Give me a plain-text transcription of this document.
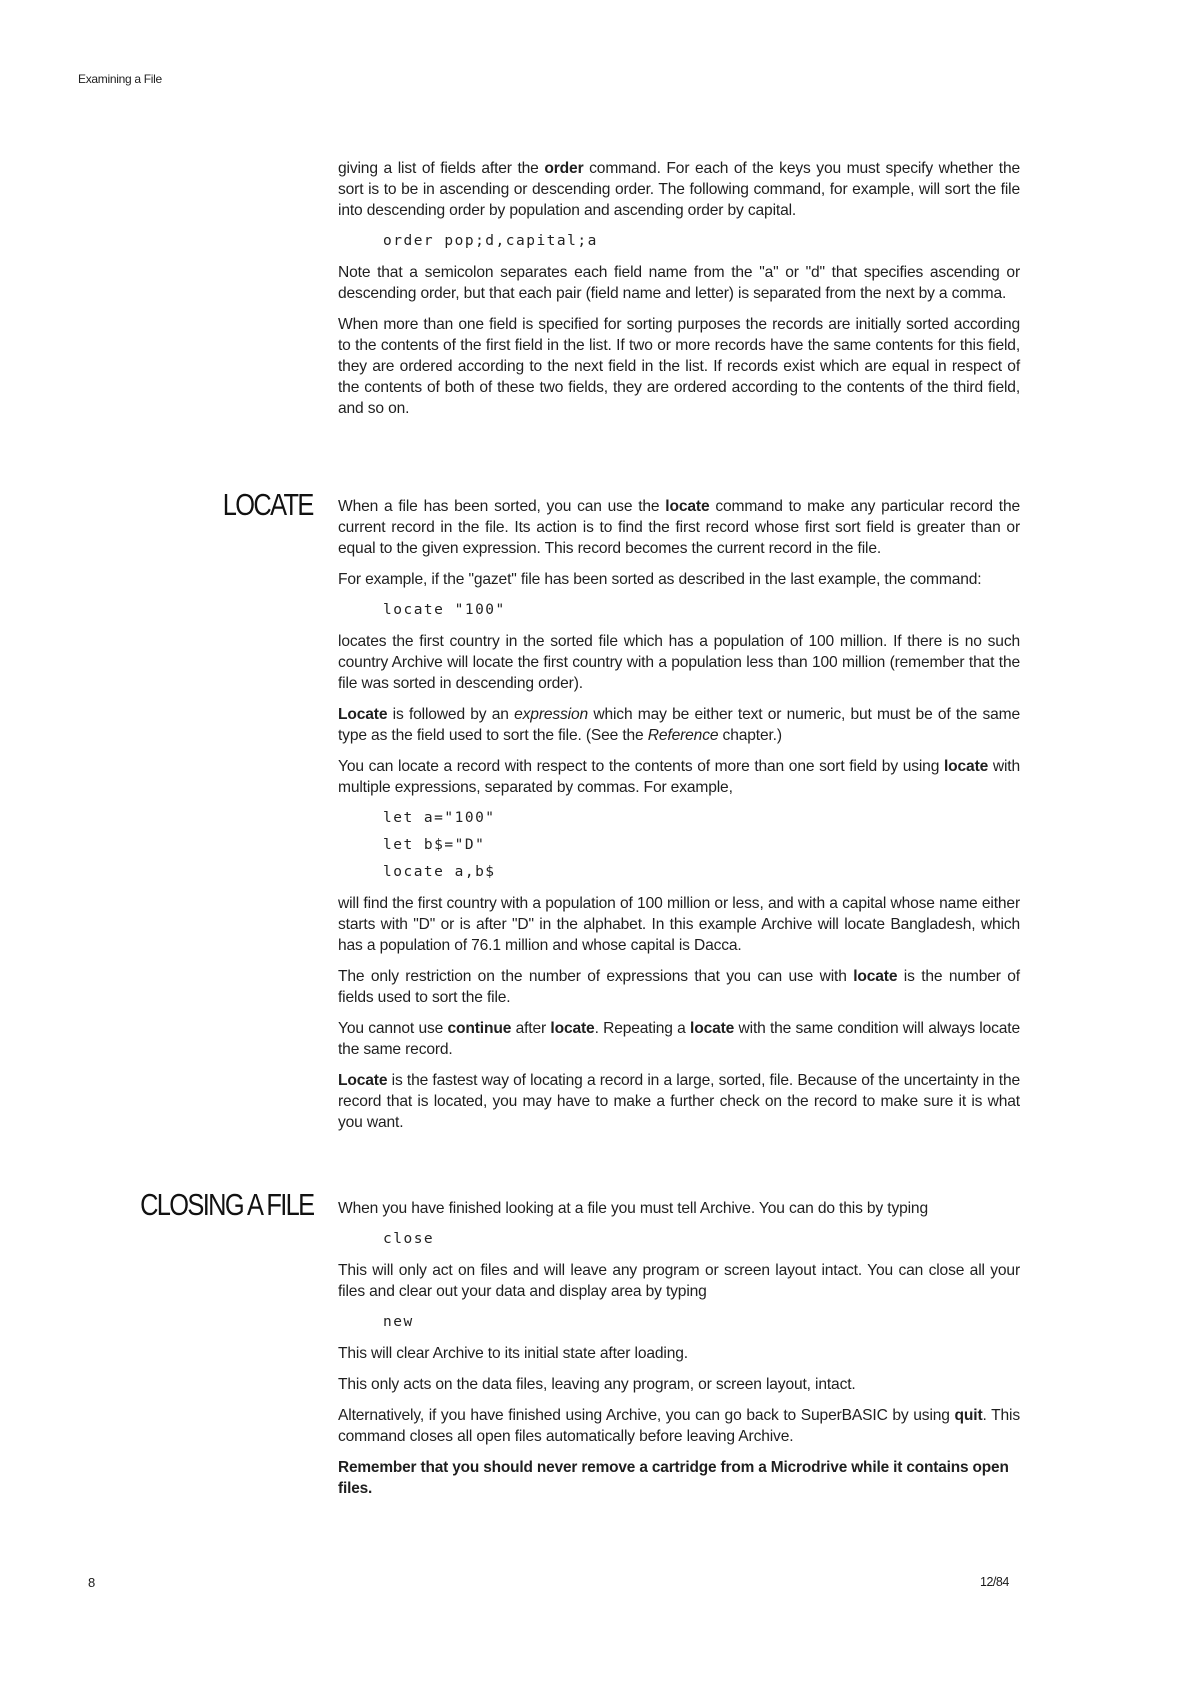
Examining a File

giving a list of fields after the order command. For each of the keys you must specify whether the sort is to be in ascending or descending order. The following command, for example, will sort the file into descending order by population and ascending order by capital.

order pop;d,capital;a

Note that a semicolon separates each field name from the "a" or "d" that specifies ascending or descending order, but that each pair (field name and letter) is separated from the next by a comma.

When more than one field is specified for sorting purposes the records are initially sorted according to the contents of the first field in the list. If two or more records have the same contents for this field, they are ordered according to the next field in the list. If records exist which are equal in respect of the contents of both of these two fields, they are ordered according to the contents of the third field, and so on.

LOCATE When a file has been sorted, you can use the locate command to make any particular record the current record in the file. Its action is to find the first record whose first sort field is greater than or equal to the given expression. This record becomes the current record in the file.

For example, if the "gazet" file has been sorted as described in the last example, the command:

locate "100"

locates the first country in the sorted file which has a population of 100 million. If there is no such country Archive will locate the first country with a population less than 100 million (remember that the file was sorted in descending order).

Locate is followed by an expression which may be either text or numeric, but must be of the same type as the field used to sort the file. (See the Reference chapter.)

You can locate a record with respect to the contents of more than one sort field by using locate with multiple expressions, separated by commas. For example,

let a="100"
let b$="D"
locate a,b$

will find the first country with a population of 100 million or less, and with a capital whose name either starts with "D" or is after "D" in the alphabet. In this example Archive will locate Bangladesh, which has a population of 76.1 million and whose capital is Dacca.

The only restriction on the number of expressions that you can use with locate is the number of fields used to sort the file.

You cannot use continue after locate. Repeating a locate with the same condition will always locate the same record.

Locate is the fastest way of locating a record in a large, sorted, file. Because of the uncertainty in the record that is located, you may have to make a further check on the record to make sure it is what you want.

CLOSING A FILE When you have finished looking at a file you must tell Archive. You can do this by typing

close

This will only act on files and will leave any program or screen layout intact. You can close all your files and clear out your data and display area by typing

new

This will clear Archive to its initial state after loading.

This only acts on the data files, leaving any program, or screen layout, intact.

Alternatively, if you have finished using Archive, you can go back to SuperBASIC by using quit. This command closes all open files automatically before leaving Archive.

Remember that you should never remove a cartridge from a Microdrive while it contains open files.

8	12/84
